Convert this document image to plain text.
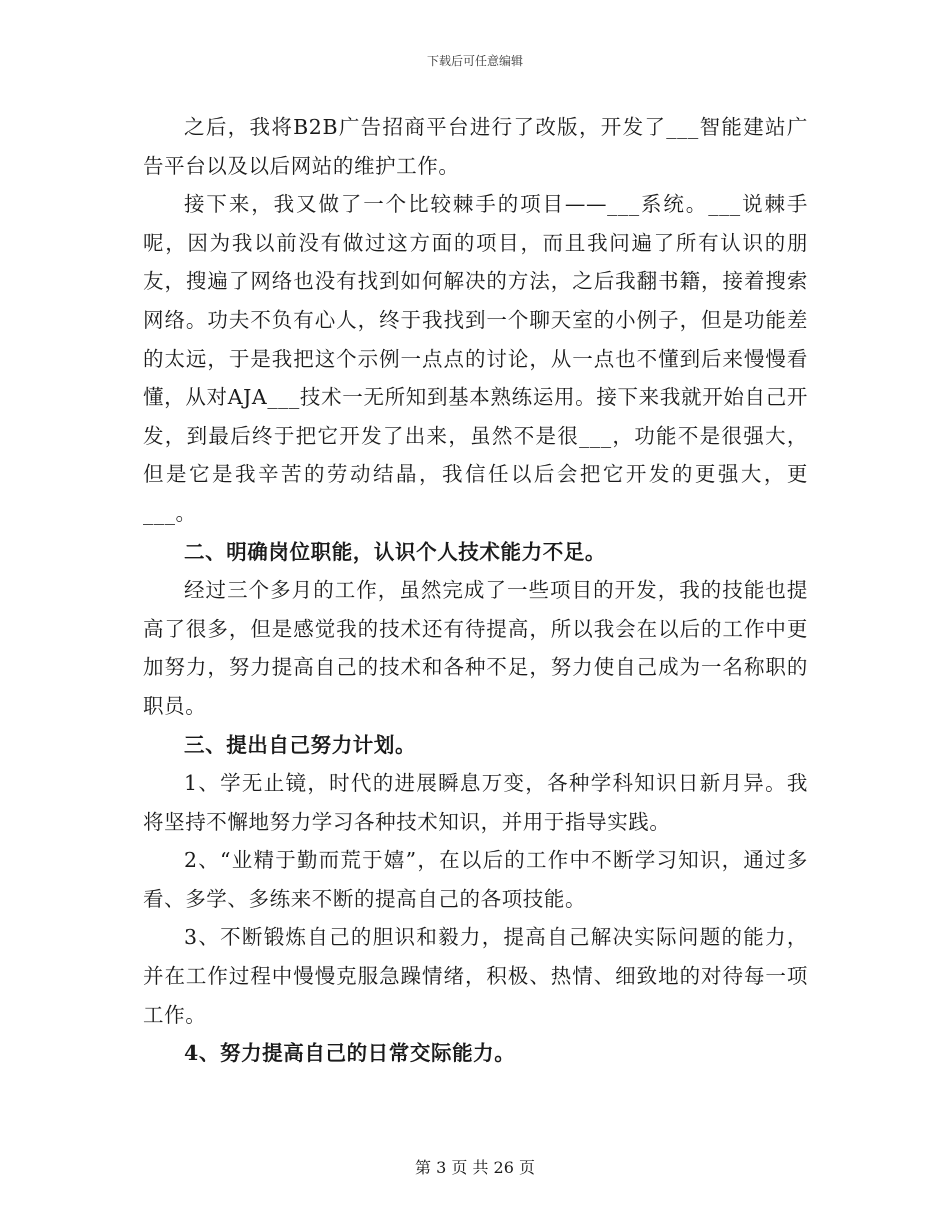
下载后可任意编辑

之后，我将B2B广告招商平台进行了改版，开发了___智能建站广告平台以及以后网站的维护工作。

接下来，我又做了一个比较棘手的项目——___系统。___说棘手呢，因为我以前没有做过这方面的项目，而且我问遍了所有认识的朋友，搜遍了网络也没有找到如何解决的方法，之后我翻书籍，接着搜索网络。功夫不负有心人，终于我找到一个聊天室的小例子，但是功能差的太远，于是我把这个示例一点点的讨论，从一点也不懂到后来慢慢看懂，从对AJA___技术一无所知到基本熟练运用。接下来我就开始自己开发，到最后终于把它开发了出来，虽然不是很___，功能不是很强大，但是它是我辛苦的劳动结晶，我信任以后会把它开发的更强大，更___。

二、明确岗位职能，认识个人技术能力不足。

经过三个多月的工作，虽然完成了一些项目的开发，我的技能也提高了很多，但是感觉我的技术还有待提高，所以我会在以后的工作中更加努力，努力提高自己的技术和各种不足，努力使自己成为一名称职的职员。

三、提出自己努力计划。

1、学无止镜，时代的进展瞬息万变，各种学科知识日新月异。我将坚持不懈地努力学习各种技术知识，并用于指导实践。

2、“业精于勤而荒于嬉”，在以后的工作中不断学习知识，通过多看、多学、多练来不断的提高自己的各项技能。

3、不断锻炼自己的胆识和毅力，提高自己解决实际问题的能力，并在工作过程中慢慢克服急躁情绪，积极、热情、细致地的对待每一项工作。

4、努力提高自己的日常交际能力。

第 3 页 共 26 页
